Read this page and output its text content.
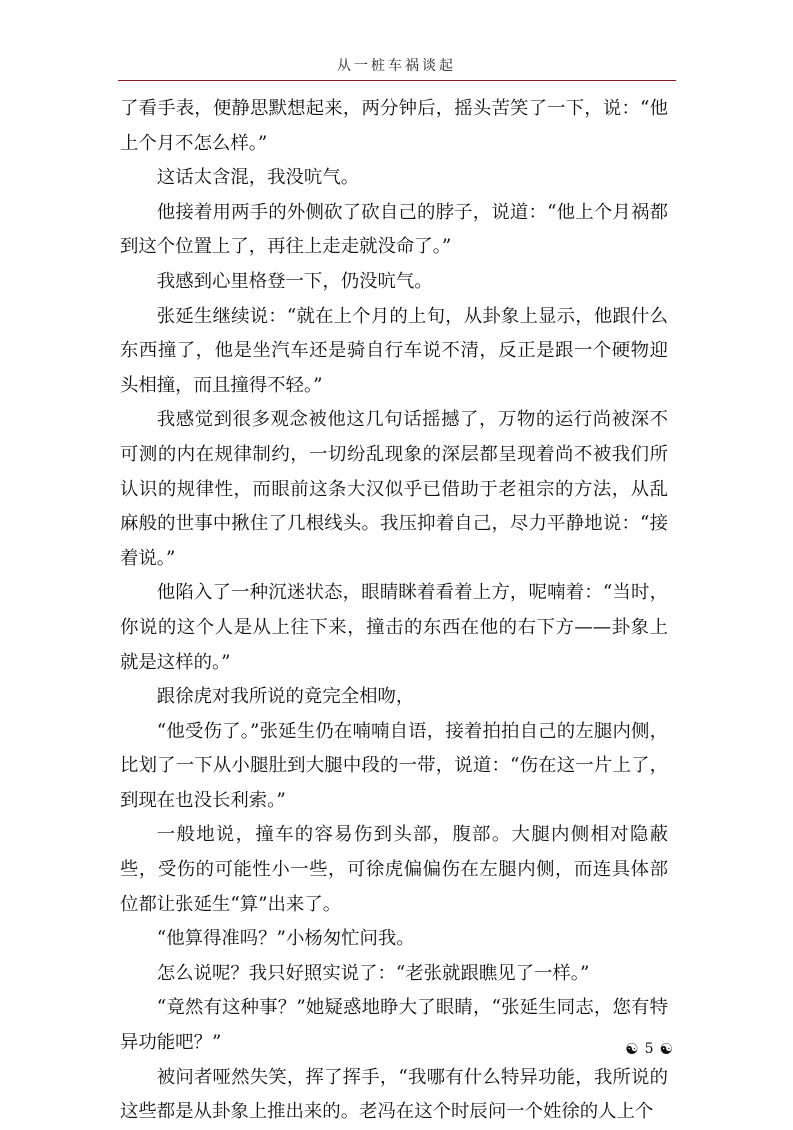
从一桩车祸谈起

了看手表，便静思默想起来，两分钟后，摇头苦笑了一下，说：“他上个月不怎么样。”

这话太含混，我没吭气。

他接着用两手的外侧砍了砍自己的脖子，说道：“他上个月祸都到这个位置上了，再往上走走就没命了。”

我感到心里格登一下，仍没吭气。

张延生继续说：“就在上个月的上旬，从卦象上显示，他跟什么东西撞了，他是坐汽车还是骑自行车说不清，反正是跟一个硬物迎头相撞，而且撞得不轻。”

我感觉到很多观念被他这几句话摇撼了，万物的运行尚被深不可测的内在规律制约，一切纷乱现象的深层都呈现着尚不被我们所认识的规律性，而眼前这条大汉似乎已借助于老祖宗的方法，从乱麻般的世事中揪住了几根线头。我压抑着自己，尽力平静地说：“接着说。”

他陷入了一种沉迷状态，眼睛眯着看着上方，呢喃着：“当时，你说的这个人是从上往下来，撞击的东西在他的右下方——卦象上就是这样的。”

跟徐虎对我所说的竟完全相吻，

“他受伤了。”张延生仍在喃喃自语，接着拍拍自己的左腿内侧，比划了一下从小腿肚到大腿中段的一带，说道：“伤在这一片上了，到现在也没长利索。”

一般地说，撞车的容易伤到头部，腹部。大腿内侧相对隐蔽些，受伤的可能性小一些，可徐虎偏偏伤在左腿内侧，而连具体部位都让张延生“算”出来了。

“他算得准吗？”小杨匆忙问我。

怎么说呢？我只好照实说了：“老张就跟瞧见了一样。”

“竟然有这种事？”她疑惑地睁大了眼睛，“张延生同志，您有特异功能吧？”

被问者哑然失笑，挥了挥手，“我哪有什么特异功能，我所说的这些都是从卦象上推出来的。老冯在这个时辰问一个姓徐的人上个

☯ 5 ☯
